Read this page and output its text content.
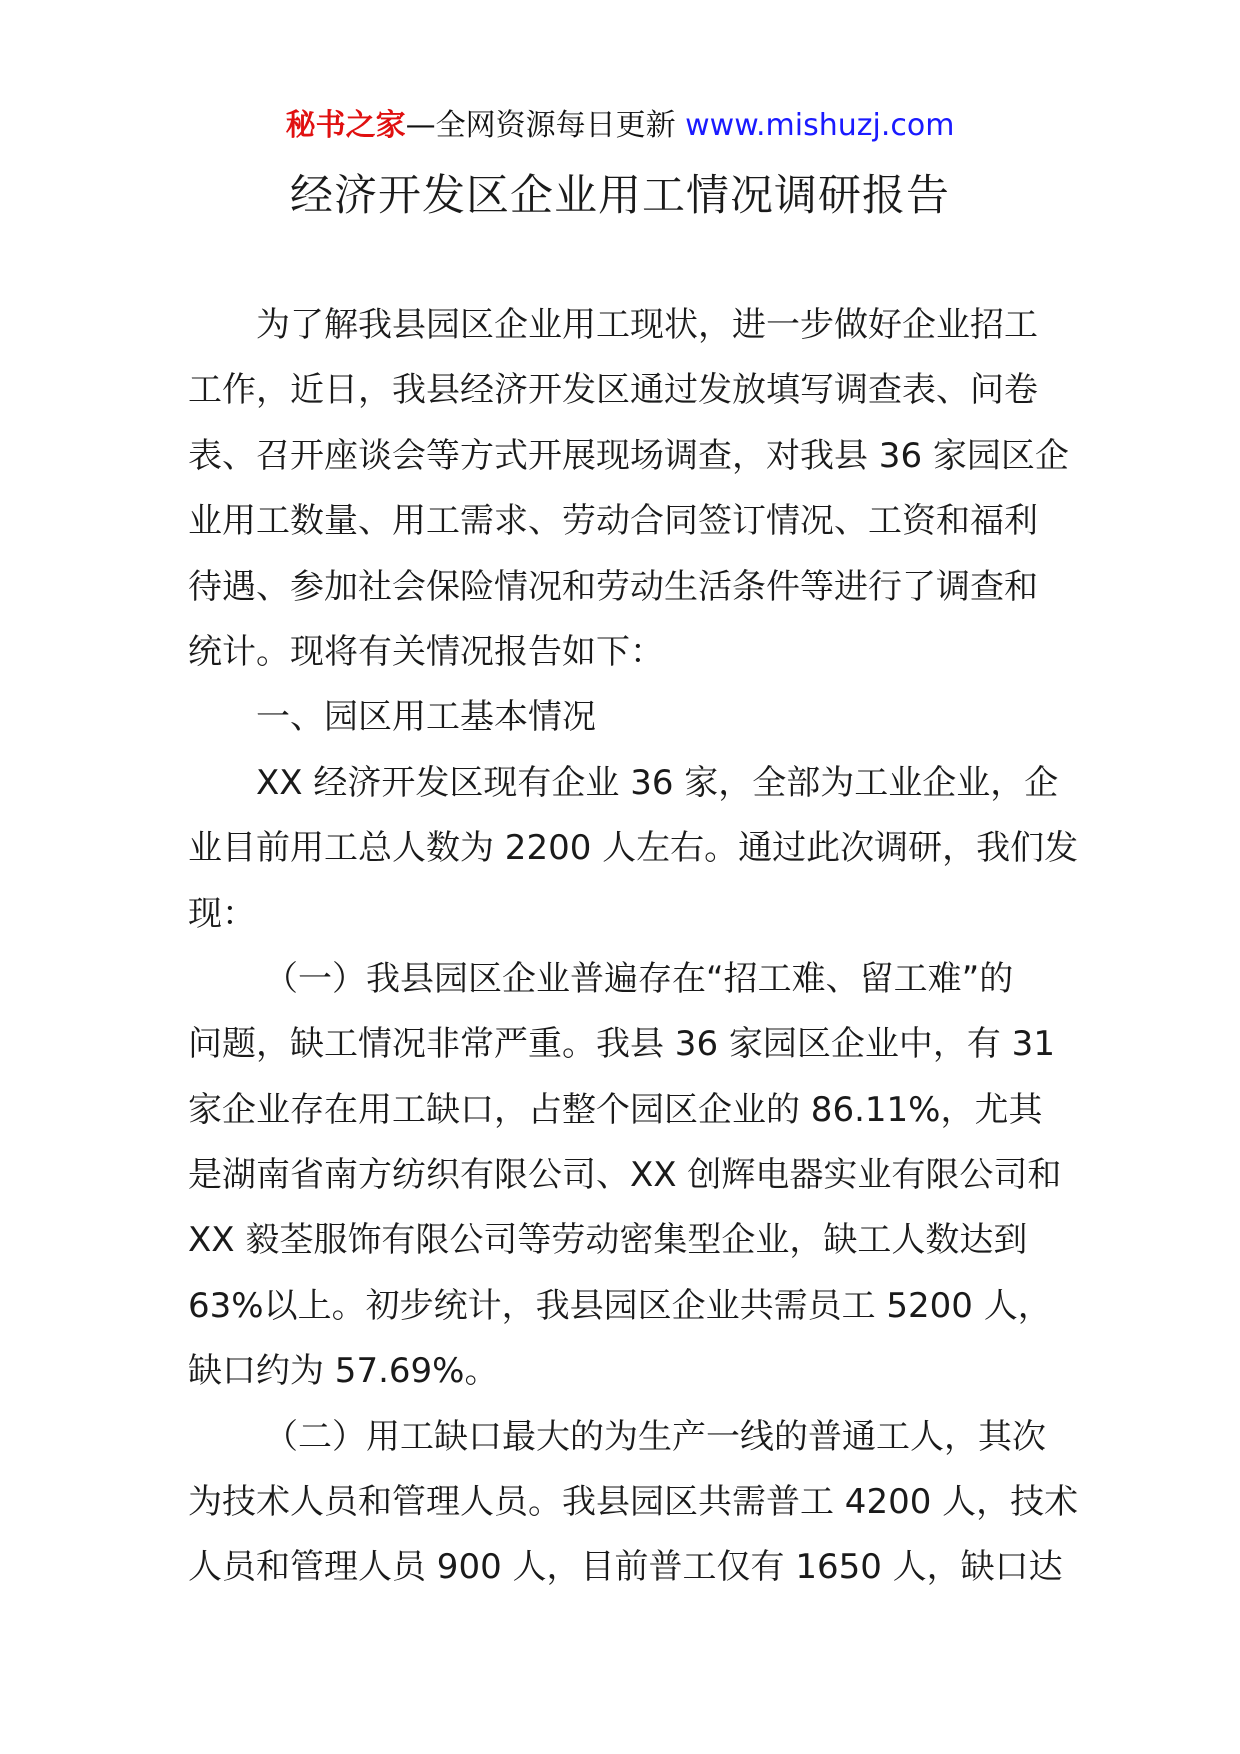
秘书之家—全网资源每日更新 www.mishuzj.com
经济开发区企业用工情况调研报告
为了解我县园区企业用工现状，进一步做好企业招工
工作，近日，我县经济开发区通过发放填写调查表、问卷
表、召开座谈会等方式开展现场调查，对我县 36 家园区企
业用工数量、用工需求、劳动合同签订情况、工资和福利
待遇、参加社会保险情况和劳动生活条件等进行了调查和
统计。现将有关情况报告如下：
一、园区用工基本情况
XX 经济开发区现有企业 36 家，全部为工业企业，企
业目前用工总人数为 2200 人左右。通过此次调研，我们发
现：
（一）我县园区企业普遍存在“招工难、留工难”的
问题，缺工情况非常严重。我县 36 家园区企业中，有 31
家企业存在用工缺口，占整个园区企业的 86.11%，尤其
是湖南省南方纺织有限公司、XX 创辉电器实业有限公司和
XX 毅荃服饰有限公司等劳动密集型企业，缺工人数达到
63%以上。初步统计，我县园区企业共需员工 5200 人，
缺口约为 57.69%。
（二）用工缺口最大的为生产一线的普通工人，其次
为技术人员和管理人员。我县园区共需普工 4200 人，技术
人员和管理人员 900 人，目前普工仅有 1650 人，缺口达
